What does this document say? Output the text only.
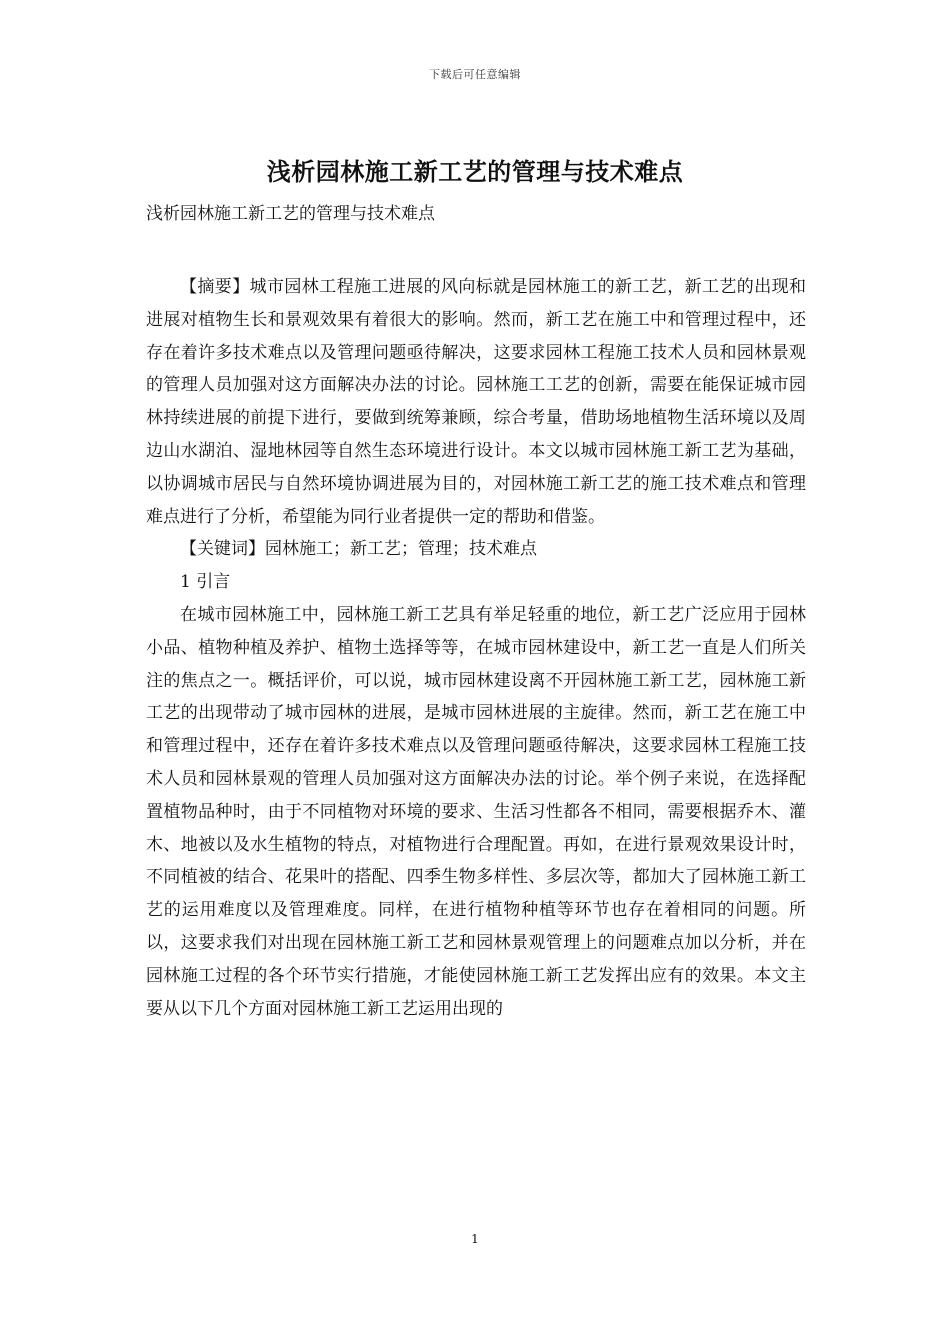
下载后可任意编辑
浅析园林施工新工艺的管理与技术难点
浅析园林施工新工艺的管理与技术难点

【摘要】城市园林工程施工进展的风向标就是园林施工的新工艺，新工艺的出现和进展对植物生长和景观效果有着很大的影响。然而，新工艺在施工中和管理过程中，还存在着许多技术难点以及管理问题亟待解决，这要求园林工程施工技术人员和园林景观的管理人员加强对这方面解决办法的讨论。园林施工工艺的创新，需要在能保证城市园林持续进展的前提下进行，要做到统筹兼顾，综合考量，借助场地植物生活环境以及周边山水湖泊、湿地林园等自然生态环境进行设计。本文以城市园林施工新工艺为基础，以协调城市居民与自然环境协调进展为目的，对园林施工新工艺的施工技术难点和管理难点进行了分析，希望能为同行业者提供一定的帮助和借鉴。

【关键词】园林施工；新工艺；管理；技术难点

1 引言

在城市园林施工中，园林施工新工艺具有举足轻重的地位，新工艺广泛应用于园林小品、植物种植及养护、植物土选择等等，在城市园林建设中，新工艺一直是人们所关注的焦点之一。概括评价，可以说，城市园林建设离不开园林施工新工艺，园林施工新工艺的出现带动了城市园林的进展，是城市园林进展的主旋律。然而，新工艺在施工中和管理过程中，还存在着许多技术难点以及管理问题亟待解决，这要求园林工程施工技术人员和园林景观的管理人员加强对这方面解决办法的讨论。举个例子来说，在选择配置植物品种时，由于不同植物对环境的要求、生活习性都各不相同，需要根据乔木、灌木、地被以及水生植物的特点，对植物进行合理配置。再如，在进行景观效果设计时，不同植被的结合、花果叶的搭配、四季生物多样性、多层次等，都加大了园林施工新工艺的运用难度以及管理难度。同样，在进行植物种植等环节也存在着相同的问题。所以，这要求我们对出现在园林施工新工艺和园林景观管理上的问题难点加以分析，并在园林施工过程的各个环节实行措施，才能使园林施工新工艺发挥出应有的效果。本文主要从以下几个方面对园林施工新工艺运用出现的

1
